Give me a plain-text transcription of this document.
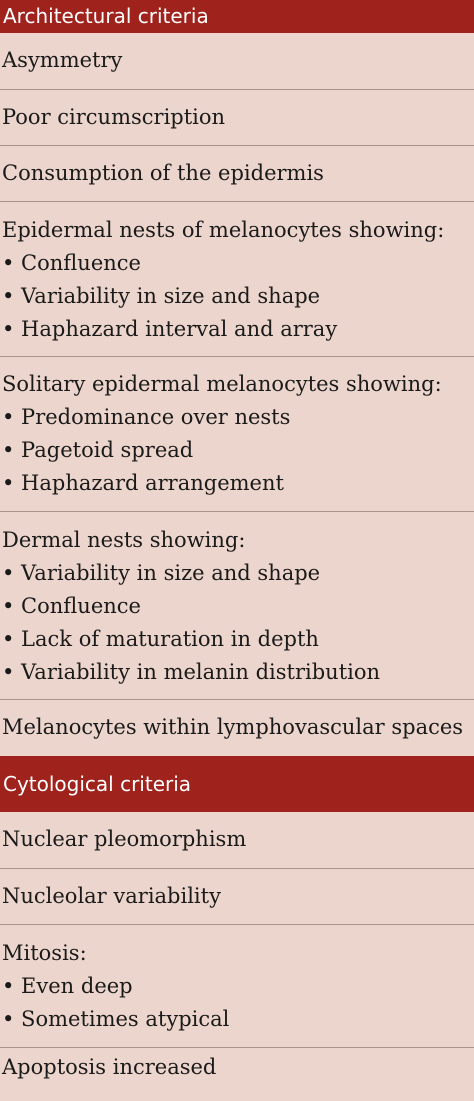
Architectural criteria
Asymmetry
Poor circumscription
Consumption of the epidermis
Epidermal nests of melanocytes showing:
• Confluence
• Variability in size and shape
• Haphazard interval and array
Solitary epidermal melanocytes showing:
• Predominance over nests
• Pagetoid spread
• Haphazard arrangement
Dermal nests showing:
• Variability in size and shape
• Confluence
• Lack of maturation in depth
• Variability in melanin distribution
Melanocytes within lymphovascular spaces
Cytological criteria
Nuclear pleomorphism
Nucleolar variability
Mitosis:
• Even deep
• Sometimes atypical
Apoptosis increased
